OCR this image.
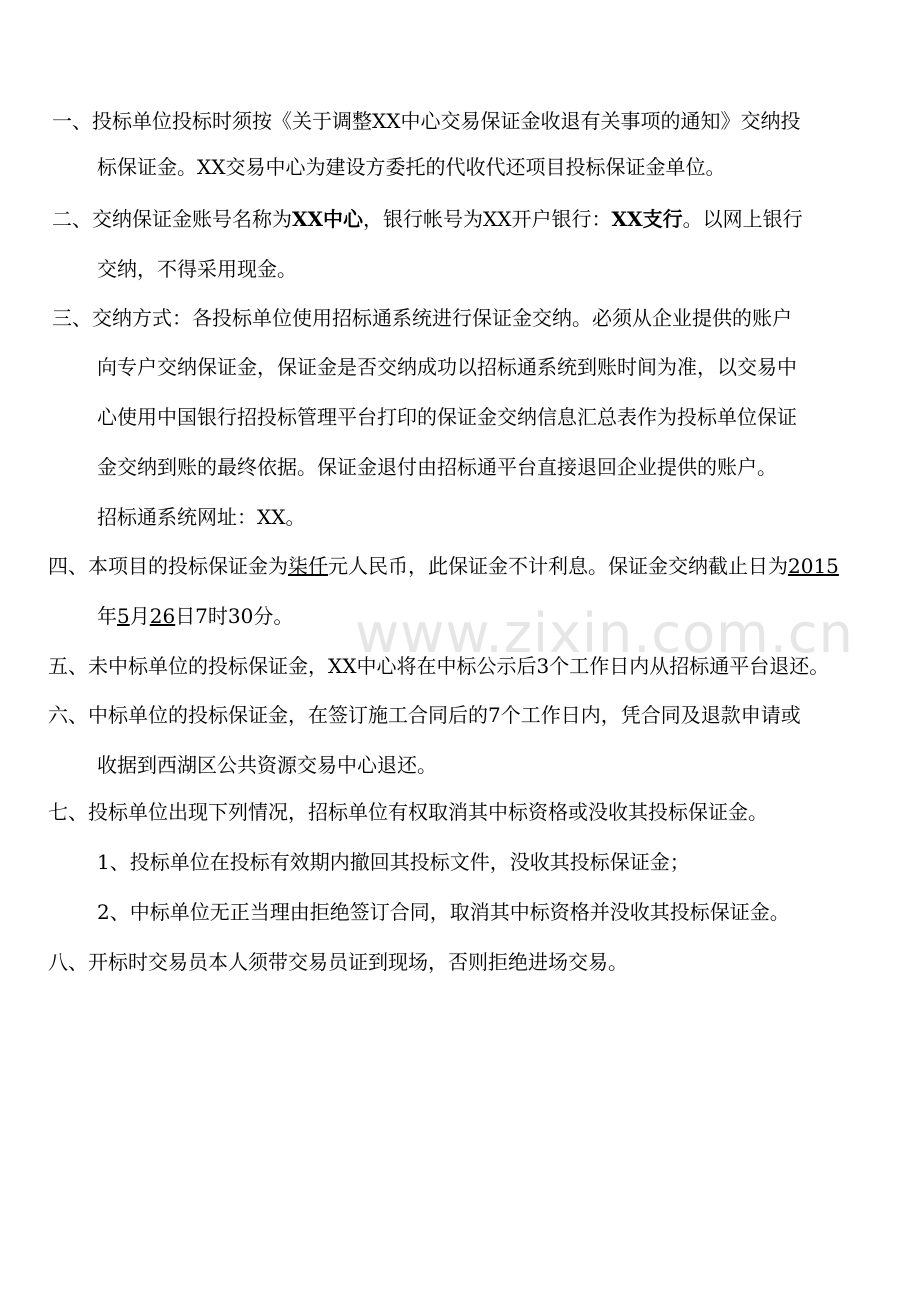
www.zixin.com.cn
一、投标单位投标时须按《关于调整XX中心交易保证金收退有关事项的通知》交纳投
标保证金。XX交易中心为建设方委托的代收代还项目投标保证金单位。
二、交纳保证金账号名称为XX中心，银行帐号为XX开户银行：XX支行。以网上银行
交纳，不得采用现金。
三、交纳方式：各投标单位使用招标通系统进行保证金交纳。必须从企业提供的账户
向专户交纳保证金，保证金是否交纳成功以招标通系统到账时间为准，以交易中
心使用中国银行招投标管理平台打印的保证金交纳信息汇总表作为投标单位保证
金交纳到账的最终依据。保证金退付由招标通平台直接退回企业提供的账户。
招标通系统网址：XX。
四、本项目的投标保证金为柒仟元人民币，此保证金不计利息。保证金交纳截止日为2015
年5月26日7时30分。
五、未中标单位的投标保证金，XX中心将在中标公示后3个工作日内从招标通平台退还。
六、中标单位的投标保证金，在签订施工合同后的7个工作日内，凭合同及退款申请或
收据到西湖区公共资源交易中心退还。
七、投标单位出现下列情况，招标单位有权取消其中标资格或没收其投标保证金。
1、投标单位在投标有效期内撤回其投标文件，没收其投标保证金；
2、中标单位无正当理由拒绝签订合同，取消其中标资格并没收其投标保证金。
八、开标时交易员本人须带交易员证到现场，否则拒绝进场交易。
